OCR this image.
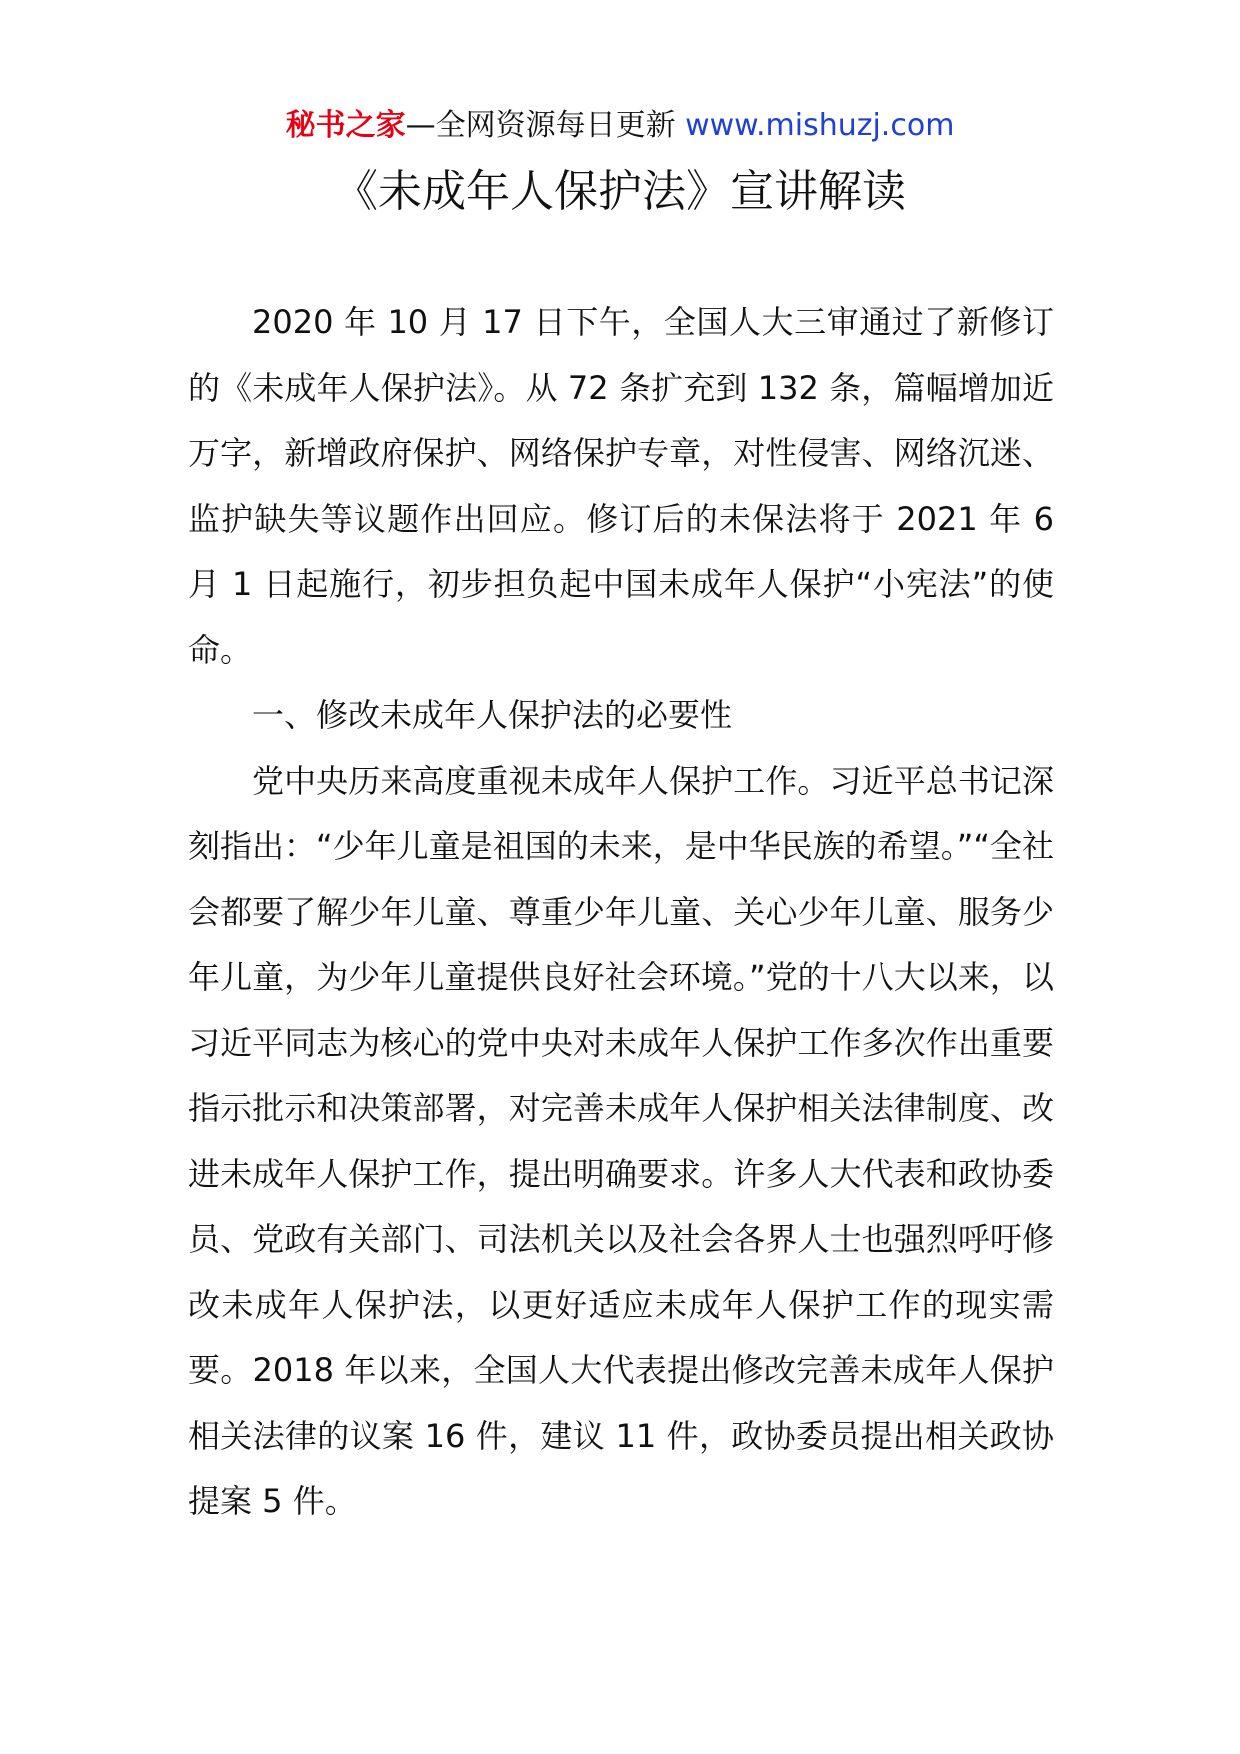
秘书之家—全网资源每日更新 www.mishuzj.com
《未成年人保护法》宣讲解读

2020 年 10 月 17 日下午，全国人大三审通过了新修订的《未成年人保护法》。从 72 条扩充到 132 条，篇幅增加近万字，新增政府保护、网络保护专章，对性侵害、网络沉迷、监护缺失等议题作出回应。修订后的未保法将于 2021 年 6 月 1 日起施行，初步担负起中国未成年人保护“小宪法”的使命。

一、修改未成年人保护法的必要性

党中央历来高度重视未成年人保护工作。习近平总书记深刻指出：“少年儿童是祖国的未来，是中华民族的希望。”“全社会都要了解少年儿童、尊重少年儿童、关心少年儿童、服务少年儿童，为少年儿童提供良好社会环境。”党的十八大以来，以习近平同志为核心的党中央对未成年人保护工作多次作出重要指示批示和决策部署，对完善未成年人保护相关法律制度、改进未成年人保护工作，提出明确要求。许多人大代表和政协委员、党政有关部门、司法机关以及社会各界人士也强烈呼吁修改未成年人保护法，以更好适应未成年人保护工作的现实需要。2018 年以来，全国人大代表提出修改完善未成年人保护相关法律的议案 16 件，建议 11 件，政协委员提出相关政协提案 5 件。
